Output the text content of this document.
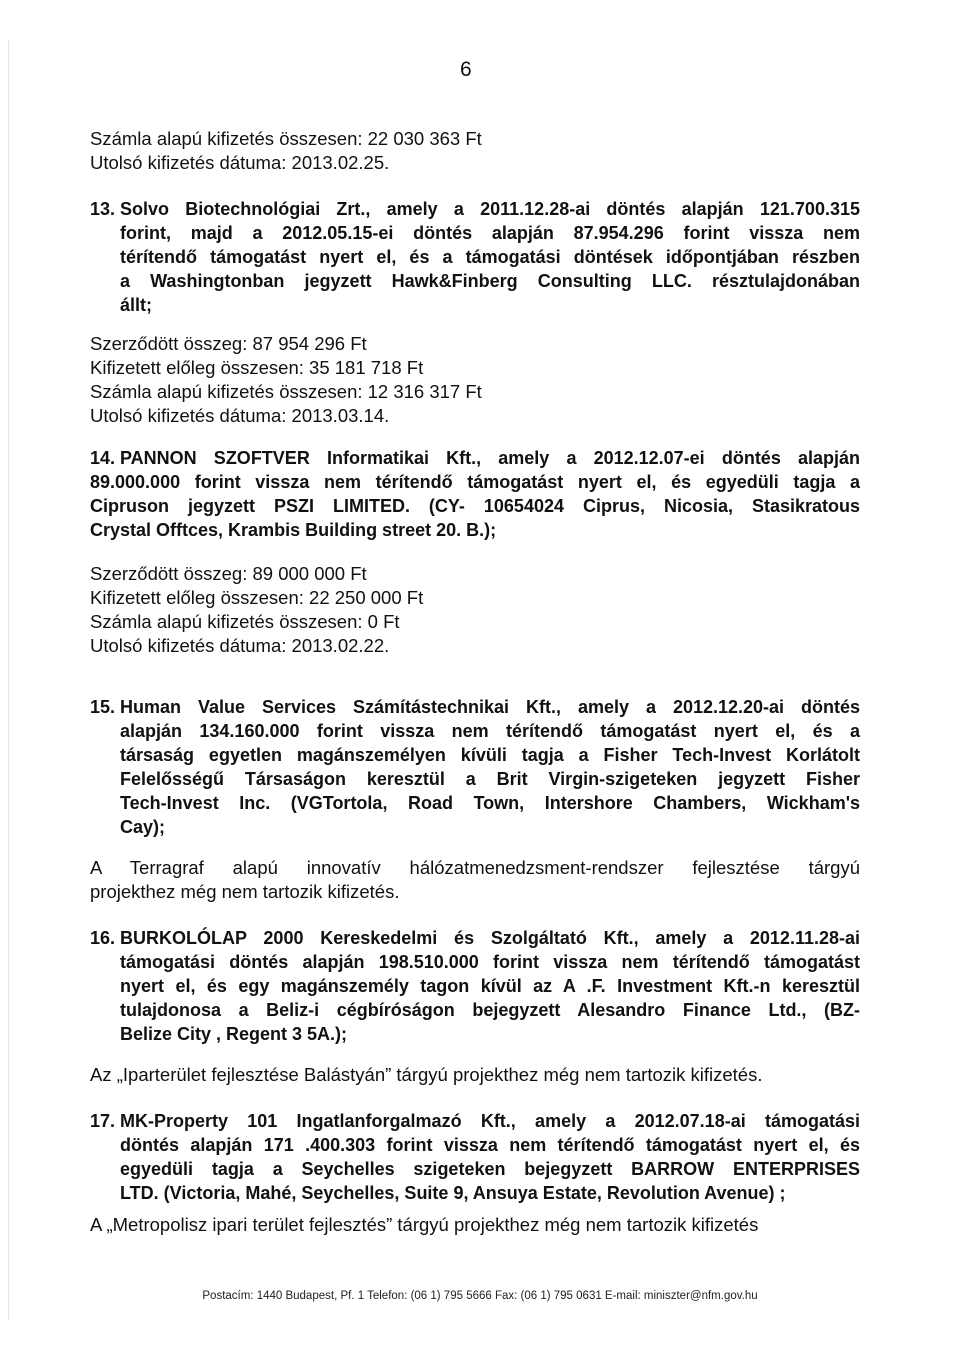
6
Számla alapú kifizetés összesen: 22 030 363 Ft
Utolsó kifizetés dátuma: 2013.02.25.
13. Solvo Biotechnológiai Zrt., amely a 2011.12.28-ai döntés alapján 121.700.315
forint, majd a 2012.05.15-ei döntés alapján 87.954.296 forint vissza nem
térítendő támogatást nyert el, és a támogatási döntések időpontjában részben
a Washingtonban jegyzett Hawk&Finberg Consulting LLC. résztulajdonában
állt;
Szerződött összeg: 87 954 296 Ft
Kifizetett előleg összesen: 35 181 718 Ft
Számla alapú kifizetés összesen: 12 316 317 Ft
Utolsó kifizetés dátuma: 2013.03.14.
14. PANNON SZOFTVER Informatikai Kft., amely a 2012.12.07-ei döntés alapján
89.000.000 forint vissza nem térítendő támogatást nyert el, és egyedüli tagja a
Cipruson jegyzett PSZI LIMITED. (CY- 10654024 Ciprus, Nicosia, Stasikratous
Crystal Offtces, Krambis Building street 20. B.);
Szerződött összeg: 89 000 000 Ft
Kifizetett előleg összesen: 22 250 000 Ft
Számla alapú kifizetés összesen: 0 Ft
Utolsó kifizetés dátuma: 2013.02.22.
15. Human Value Services Számítástechnikai Kft., amely a 2012.12.20-ai döntés
alapján 134.160.000 forint vissza nem térítendő támogatást nyert el, és a
társaság egyetlen magánszemélyen kívüli tagja a Fisher Tech-Invest Korlátolt
Felelősségű Társaságon keresztül a Brit Virgin-szigeteken jegyzett Fisher
Tech-Invest Inc. (VGTortola, Road Town, Intershore Chambers, Wickham's
Cay);
A Terragraf alapú innovatív hálózatmenedzsment-rendszer fejlesztése tárgyú
projekthez még nem tartozik kifizetés.
16. BURKOLÓLAP 2000 Kereskedelmi és Szolgáltató Kft., amely a 2012.11.28-ai
támogatási döntés alapján 198.510.000 forint vissza nem térítendő támogatást
nyert el, és egy magánszemély tagon kívül az A .F. Investment Kft.-n keresztül
tulajdonosa a Beliz-i cégbíróságon bejegyzett Alesandro Finance Ltd., (BZ-
Belize City , Regent 3 5A.);
Az „Iparterület fejlesztése Balástyán” tárgyú projekthez még nem tartozik kifizetés.
17. MK-Property 101 Ingatlanforgalmazó Kft., amely a 2012.07.18-ai támogatási
döntés alapján 171 .400.303 forint vissza nem térítendő támogatást nyert el, és
egyedüli tagja a Seychelles szigeteken bejegyzett BARROW ENTERPRISES
LTD. (Victoria, Mahé, Seychelles, Suite 9, Ansuya Estate, Revolution Avenue) ;
A „Metropolisz ipari terület fejlesztés” tárgyú projekthez még nem tartozik kifizetés
Postacím: 1440 Budapest, Pf. 1 Telefon: (06 1) 795 5666 Fax: (06 1) 795 0631 E-mail: miniszter@nfm.gov.hu
